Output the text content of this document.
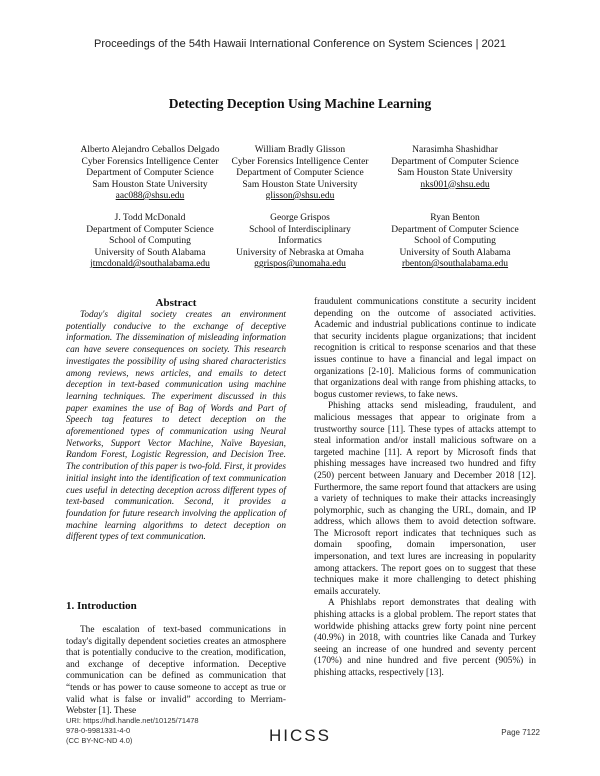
Proceedings of the 54th Hawaii International Conference on System Sciences | 2021
Detecting Deception Using Machine Learning
Alberto Alejandro Ceballos Delgado
Cyber Forensics Intelligence Center
Department of Computer Science
Sam Houston State University
aac088@shsu.edu
William Bradly Glisson
Cyber Forensics Intelligence Center
Department of Computer Science
Sam Houston State University
glisson@shsu.edu
Narasimha Shashidhar
Department of Computer Science
Sam Houston State University
nks001@shsu.edu
J. Todd McDonald
Department of Computer Science
School of Computing
University of South Alabama
jtmcdonald@southalabama.edu
George Grispos
School of Interdisciplinary
Informatics
University of Nebraska at Omaha
ggrispos@unomaha.edu
Ryan Benton
Department of Computer Science
School of Computing
University of South Alabama
rbenton@southalabama.edu
Abstract

Today's digital society creates an environment potentially conducive to the exchange of deceptive information. The dissemination of misleading information can have severe consequences on society. This research investigates the possibility of using shared characteristics among reviews, news articles, and emails to detect deception in text-based communication using machine learning techniques. The experiment discussed in this paper examines the use of Bag of Words and Part of Speech tag features to detect deception on the aforementioned types of communication using Neural Networks, Support Vector Machine, Naïve Bayesian, Random Forest, Logistic Regression, and Decision Tree. The contribution of this paper is two-fold. First, it provides initial insight into the identification of text communication cues useful in detecting deception across different types of text-based communication. Second, it provides a foundation for future research involving the application of machine learning algorithms to detect deception on different types of text communication.

1. Introduction

The escalation of text-based communications in today's digitally dependent societies creates an atmosphere that is potentially conducive to the creation, modification, and exchange of deceptive information. Deceptive communication can be defined as communication that “tends or has power to cause someone to accept as true or valid what is false or invalid” according to Merriam-Webster [1]. These

fraudulent communications constitute a security incident depending on the outcome of associated activities. Academic and industrial publications continue to indicate that security incidents plague organizations; that incident recognition is critical to response scenarios and that these issues continue to have a financial and legal impact on organizations [2-10]. Malicious forms of communication that organizations deal with range from phishing attacks, to bogus customer reviews, to fake news.

Phishing attacks send misleading, fraudulent, and malicious messages that appear to originate from a trustworthy source [11]. These types of attacks attempt to steal information and/or install malicious software on a targeted machine [11]. A report by Microsoft finds that phishing messages have increased two hundred and fifty (250) percent between January and December 2018 [12]. Furthermore, the same report found that attackers are using a variety of techniques to make their attacks increasingly polymorphic, such as changing the URL, domain, and IP address, which allows them to avoid detection software. The Microsoft report indicates that techniques such as domain spoofing, domain impersonation, user impersonation, and text lures are increasing in popularity among attackers. The report goes on to suggest that these techniques make it more challenging to detect phishing emails accurately.

A Phishlabs report demonstrates that dealing with phishing attacks is a global problem. The report states that worldwide phishing attacks grew forty point nine percent (40.9%) in 2018, with countries like Canada and Turkey seeing an increase of one hundred and seventy percent (170%) and nine hundred and five percent (905%) in phishing attacks, respectively [13].

URI: https://hdl.handle.net/10125/71478
978-0-9981331-4-0
(CC BY-NC-ND 4.0)	HICSS	Page 7122
